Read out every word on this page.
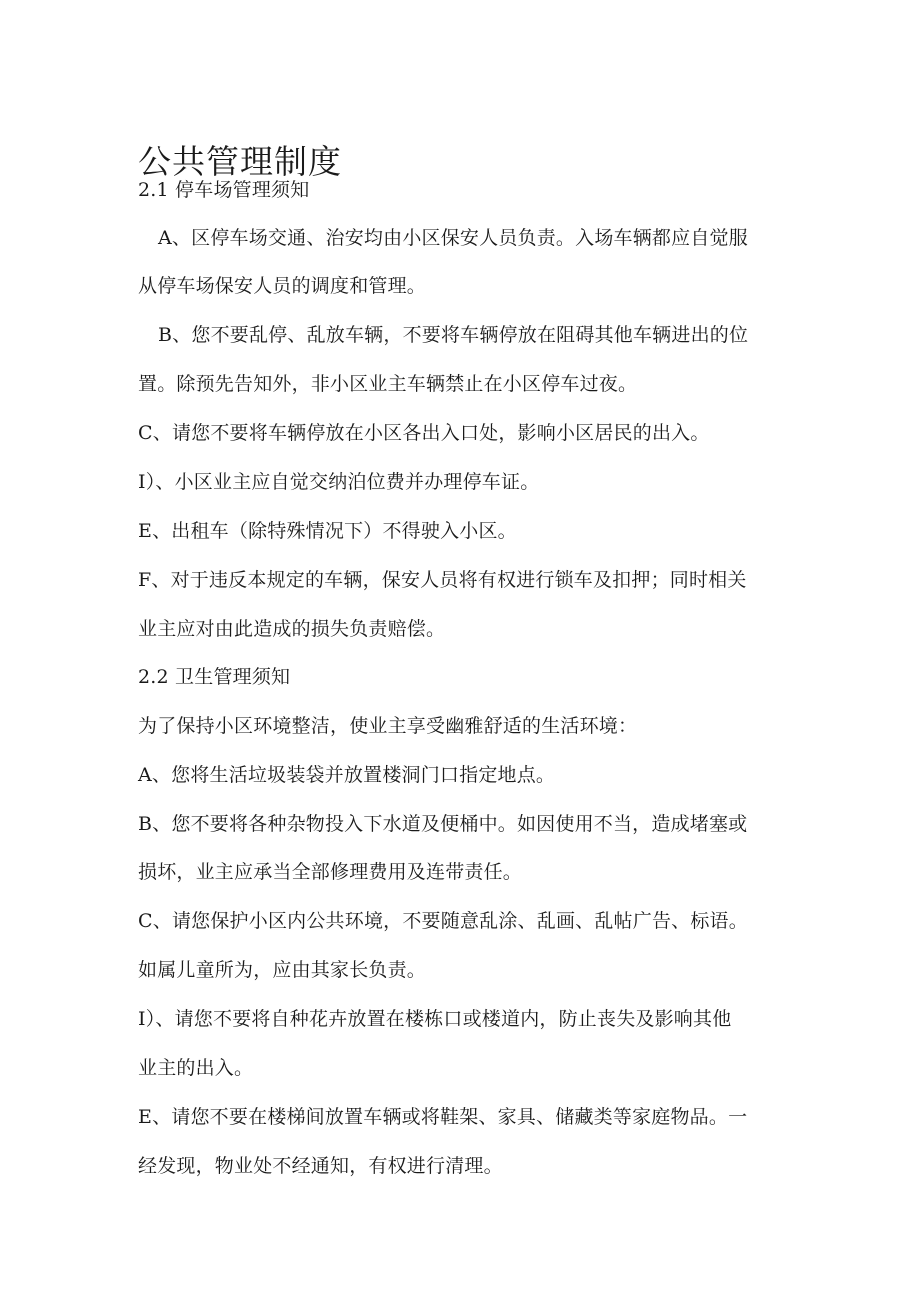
公共管理制度
2.1 停车场管理须知
A、区停车场交通、治安均由小区保安人员负责。入场车辆都应自觉服
从停车场保安人员的调度和管理。
B、您不要乱停、乱放车辆，不要将车辆停放在阻碍其他车辆进出的位
置。除预先告知外，非小区业主车辆禁止在小区停车过夜。
C、请您不要将车辆停放在小区各出入口处，影响小区居民的出入。
I）、小区业主应自觉交纳泊位费并办理停车证。
E、出租车（除特殊情况下）不得驶入小区。
F、对于违反本规定的车辆，保安人员将有权进行锁车及扣押；同时相关
业主应对由此造成的损失负责赔偿。
2.2 卫生管理须知
为了保持小区环境整洁，使业主享受幽雅舒适的生活环境：
A、您将生活垃圾装袋并放置楼洞门口指定地点。
B、您不要将各种杂物投入下水道及便桶中。如因使用不当，造成堵塞或
损坏，业主应承当全部修理费用及连带责任。
C、请您保护小区内公共环境，不要随意乱涂、乱画、乱帖广告、标语。
如属儿童所为，应由其家长负责。
I）、请您不要将自种花卉放置在楼栋口或楼道内，防止丧失及影响其他
业主的出入。
E、请您不要在楼梯间放置车辆或将鞋架、家具、储藏类等家庭物品。一
经发现，物业处不经通知，有权进行清理。
